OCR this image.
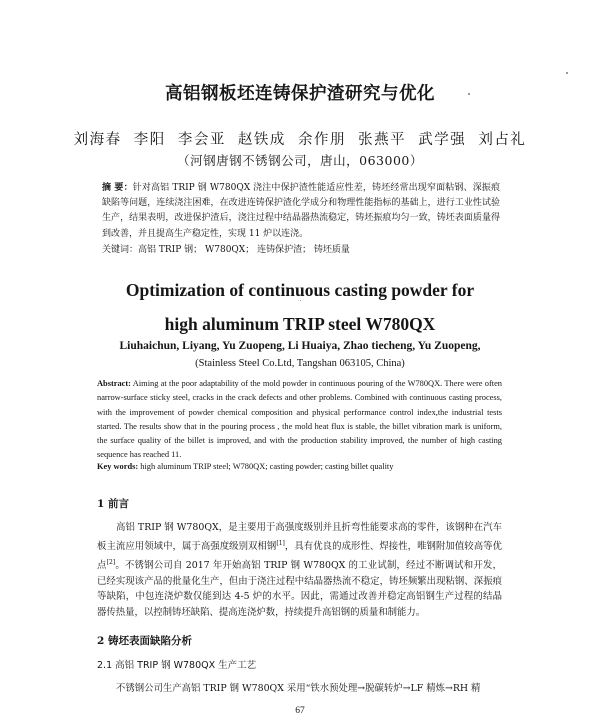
高铝钢板坯连铸保护渣研究与优化
刘海春 李阳 李会亚 赵铁成 余作朋 张燕平 武学强 刘占礼
（河钢唐钢不锈钢公司，唐山，063000）
摘 要：针对高铝 TRIP 钢 W780QX 浇注中保护渣性能适应性差，铸坯经常出现窄面粘钢、深振痕缺陷等问题，连续浇注困难，在改进连铸保护渣化学成分和物理性能指标的基础上，进行工业性试验生产，结果表明，改进保护渣后，浇注过程中结晶器热流稳定，铸坯振痕均匀一致，铸坯表面质量得到改善，并且提高生产稳定性，实现 11 炉以连浇。
关键词：高铝 TRIP 钢； W780QX； 连铸保护渣； 铸坯质量
Optimization of continuous casting powder for
high aluminum TRIP steel W780QX
Liuhaichun, Liyang, Yu Zuopeng, Li Huaiya, Zhao tiecheng, Yu Zuopeng,
(Stainless Steel Co.Ltd, Tangshan 063105, China)
Abstract: Aiming at the poor adaptability of the mold powder in continuous pouring of the W780QX. There were often narrow-surface sticky steel, cracks in the crack defects and other problems. Combined with continuous casting process, with the improvement of powder chemical composition and physical performance control index,the industrial tests started. The results show that in the pouring process , the mold heat flux is stable, the billet vibration mark is uniform, the surface quality of the billet is improved, and with the production stability improved, the number of high casting sequence has reached 11.
Key words: high aluminum TRIP steel; W780QX; casting powder; casting billet quality
1 前言
高铝 TRIP 钢 W780QX，是主要用于高强度级别并且折弯性能要求高的零件，该钢种在汽车板主流应用领域中，属于高强度级别双相钢[1]，具有优良的成形性、焊接性，唯钢附加值较高等优点[2]。不锈钢公司自 2017 年开始高铝 TRIP 钢 W780QX 的工业试制，经过不断调试和开发，已经实现该产品的批量化生产，但由于浇注过程中结晶器热流不稳定，铸坯频繁出现粘钢、深振痕等缺陷，中包连浇炉数仅能到达 4-5 炉的水平。因此，需通过改善并稳定高铝钢生产过程的结晶器传热量，以控制铸坯缺陷、提高连浇炉数，持续提升高铝钢的质量和制能力。
2 铸坯表面缺陷分析
2.1 高铝 TRIP 钢 W780QX 生产工艺
不锈钢公司生产高铝 TRIP 钢 W780QX 采用“铁水预处理→脱碳转炉→LF 精炼→RH 精
67
